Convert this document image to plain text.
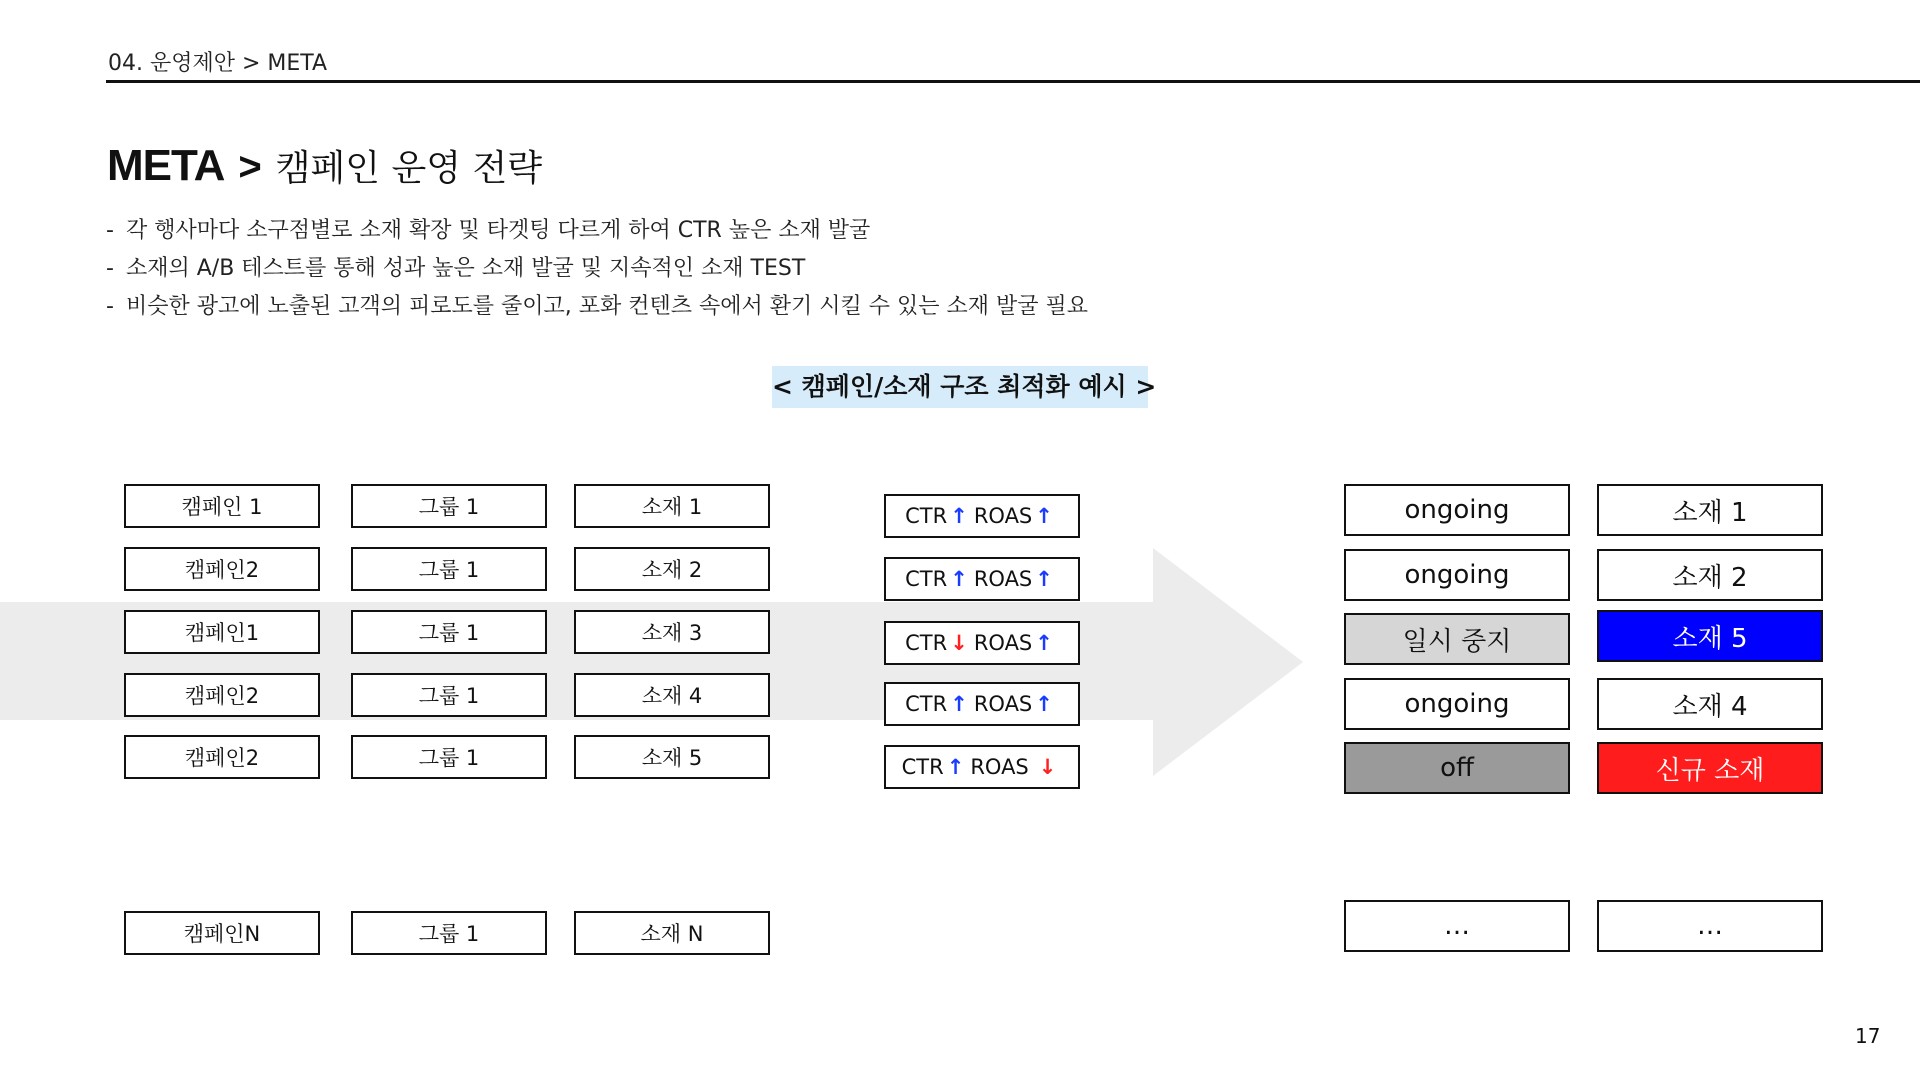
04. 운영제안 > META
META > 캠페인 운영 전략
- 각 행사마다 소구점별로 소재 확장 및 타겟팅 다르게 하여 CTR 높은 소재 발굴
- 소재의 A/B 테스트를 통해 성과 높은 소재 발굴 및 지속적인 소재 TEST
- 비슷한 광고에 노출된 고객의 피로도를 줄이고, 포화 컨텐츠 속에서 환기 시킬 수 있는 소재 발굴 필요
< 캠페인/소재 구조 최적화 예시 >
캠페인 1	그룹 1	소재 1
캠페인2	그룹 1	소재 2
캠페인1	그룹 1	소재 3
캠페인2	그룹 1	소재 4
캠페인2	그룹 1	소재 5
캠페인N	그룹 1	소재 N
CTR ↑ ROAS ↑
CTR ↑ ROAS ↑
CTR ↓ ROAS ↑
CTR ↑ ROAS ↑
CTR ↑ ROAS ↓
ongoing	소재 1
ongoing	소재 2
일시 중지	소재 5
ongoing	소재 4
off	신규 소재
…	…
17
